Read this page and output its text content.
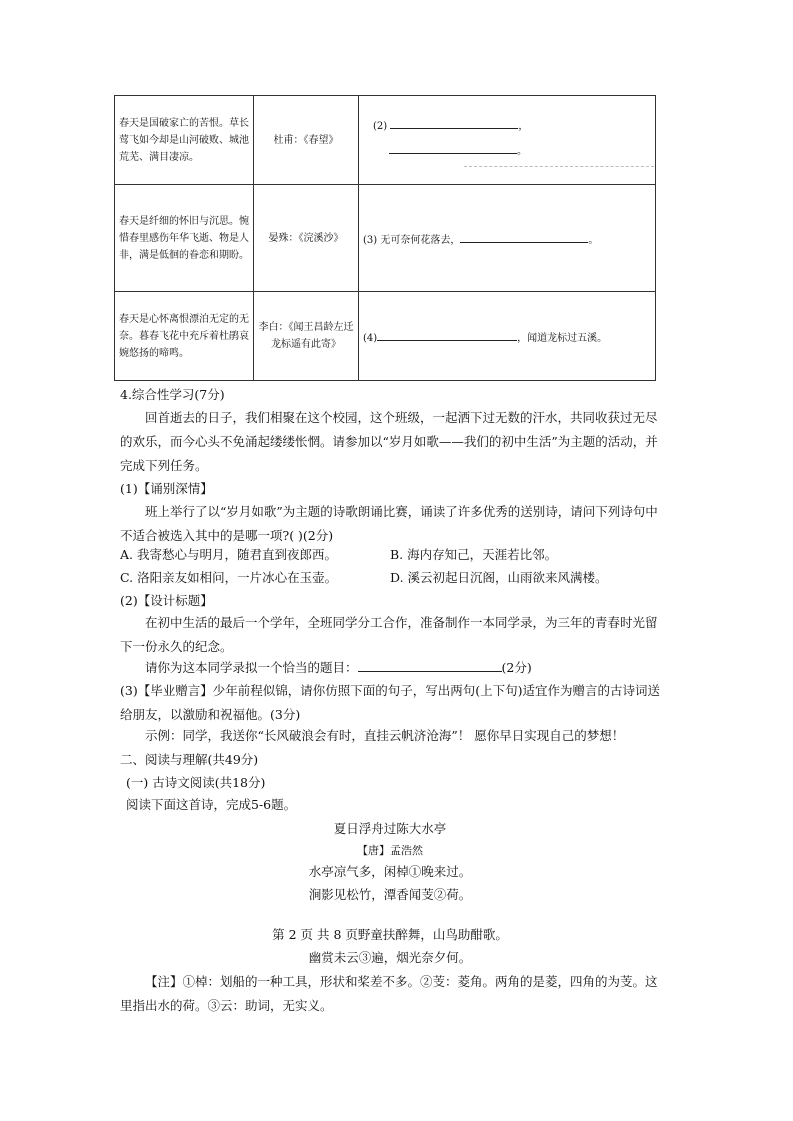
春天是国破家亡的苦恨。草长莺飞如今却是山河破败、城池荒芜、满目凄凉。	杜甫：《春望》	(2) ，
。

春天是纤细的怀旧与沉思。惋惜春里感伤年华飞逝、物是人非，满是低徊的眷恋和期盼。	晏殊：《浣溪沙》	(3) 无可奈何花落去， 。
春天是心怀离恨漂泊无定的无奈。暮春飞花中充斥着杜鹃哀婉悠扬的啼鸣。	李白：《闻王昌龄左迁龙标遥有此寄》	(4) ，闻道龙标过五溪。
4.综合性学习(7分)
回首逝去的日子，我们相聚在这个校园，这个班级，一起洒下过无数的汗水，共同收获过无尽的欢乐，而今心头不免涌起缕缕怅惘。请参加以“岁月如歌——我们的初中生活”为主题的活动，并完成下列任务。
(1)【诵别深情】
班上举行了以“岁月如歌”为主题的诗歌朗诵比赛，诵读了许多优秀的送别诗，请问下列诗句中不适合被选入其中的是哪一项?( )(2分)
A. 我寄愁心与明月，随君直到夜郎西。	B. 海内存知己，天涯若比邻。
C. 洛阳亲友如相问，一片冰心在玉壶。	D. 溪云初起日沉阁，山雨欲来风满楼。
(2)【设计标题】
在初中生活的最后一个学年，全班同学分工合作，准备制作一本同学录，为三年的青春时光留下一份永久的纪念。
请你为这本同学录拟一个恰当的题目：	(2分)
(3)【毕业赠言】少年前程似锦，请你仿照下面的句子，写出两句(上下句)适宜作为赠言的古诗词送给朋友，以激励和祝福他。(3分)
示例：同学，我送你“长风破浪会有时，直挂云帆济沧海”！ 愿你早日实现自己的梦想！
二、阅读与理解(共49分)
(一) 古诗文阅读(共18分)
阅读下面这首诗，完成5-6题。
夏日浮舟过陈大水亭
【唐】孟浩然
水亭凉气多，闲棹①晚来过。
涧影见松竹，潭香闻芰②荷。
第 2 页 共 8 页野童扶醉舞，山鸟助酣歌。
幽赏未云③遍，烟光奈夕何。
【注】①棹：划船的一种工具，形状和桨差不多。②芰：菱角。两角的是菱，四角的为芰。这里指出水的荷。③云：助词，无实义。
